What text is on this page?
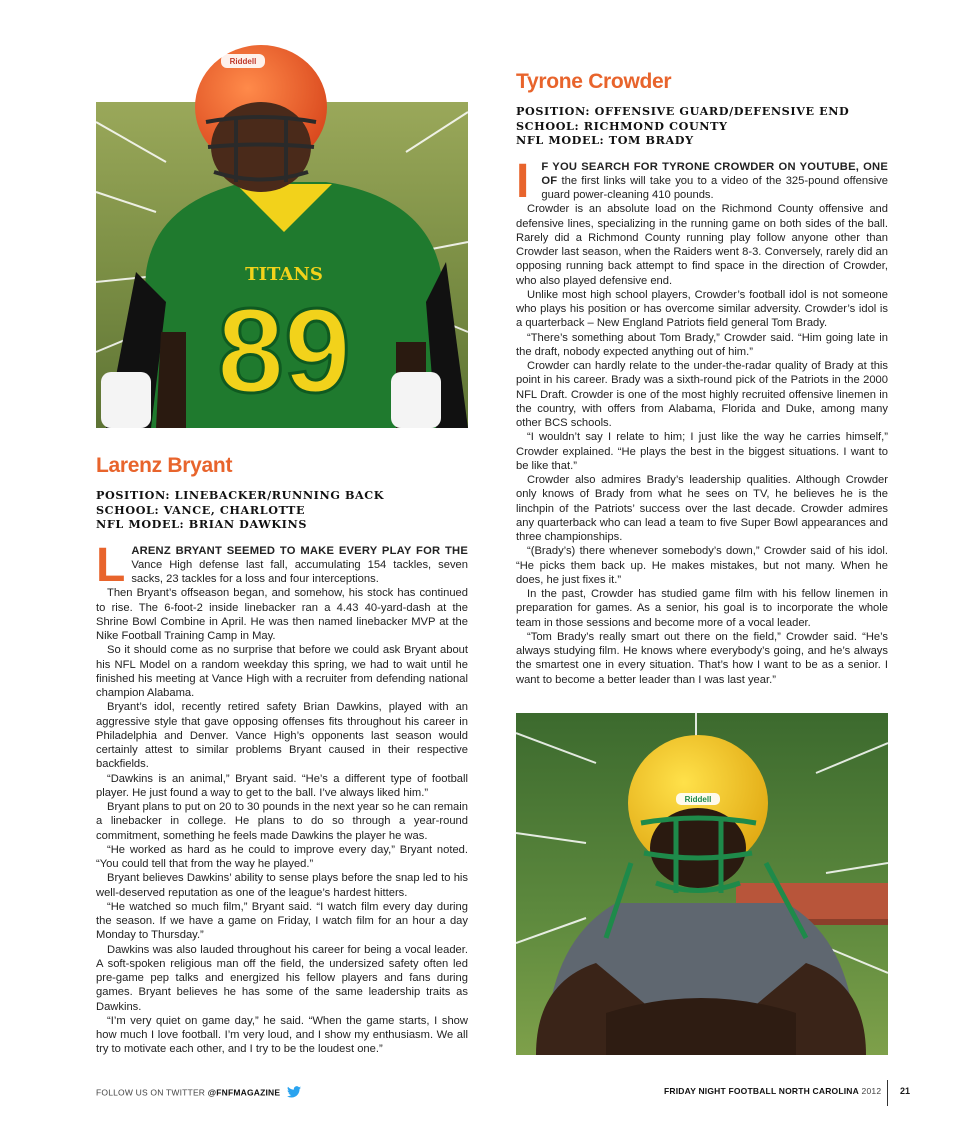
TITANS
89
Riddell
Larenz Bryant
POSITION: LINEBACKER/RUNNING BACK
SCHOOL: VANCE, CHARLOTTE
NFL MODEL: BRIAN DAWKINS

LARENZ BRYANT SEEMED TO MAKE EVERY PLAY FOR THE Vance High defense last fall, accumulating 154 tackles, seven sacks, 23 tackles for a loss and four interceptions.

Then Bryant’s offseason began, and somehow, his stock has continued to rise. The 6-foot-2 inside linebacker ran a 4.43 40-yard-dash at the Shrine Bowl Combine in April. He was then named linebacker MVP at the Nike Football Training Camp in May.

So it should come as no surprise that before we could ask Bryant about his NFL Model on a random weekday this spring, we had to wait until he finished his meeting at Vance High with a recruiter from defending national champion Alabama.

Bryant’s idol, recently retired safety Brian Dawkins, played with an aggressive style that gave opposing offenses fits throughout his career in Philadelphia and Denver. Vance High’s opponents last season would certainly attest to similar problems Bryant caused in their respective backfields.

“Dawkins is an animal,” Bryant said. “He’s a different type of football player. He just found a way to get to the ball. I’ve always liked him.”

Bryant plans to put on 20 to 30 pounds in the next year so he can remain a linebacker in college. He plans to do so through a year-round commitment, something he feels made Dawkins the player he was.

“He worked as hard as he could to improve every day,” Bryant noted. “You could tell that from the way he played.”

Bryant believes Dawkins’ ability to sense plays before the snap led to his well-deserved reputation as one of the league’s hardest hitters.

“He watched so much film,” Bryant said. “I watch film every day during the season. If we have a game on Friday, I watch film for an hour a day Monday to Thursday.”

Dawkins was also lauded throughout his career for being a vocal leader. A soft-spoken religious man off the field, the undersized safety often led pre-game pep talks and energized his fellow players and fans during games. Bryant believes he has some of the same leadership traits as Dawkins.

“I’m very quiet on game day,” he said. “When the game starts, I show how much I love football. I’m very loud, and I show my enthusiasm. We all try to motivate each other, and I try to be the loudest one.”

Tyrone Crowder
POSITION: OFFENSIVE GUARD/DEFENSIVE END
SCHOOL: RICHMOND COUNTY
NFL MODEL: TOM BRADY

I F YOU SEARCH FOR TYRONE CROWDER ON YOUTUBE, ONE OF the first links will take you to a video of the 325-pound offensive guard power-cleaning 410 pounds.

Crowder is an absolute load on the Richmond County offensive and defensive lines, specializing in the running game on both sides of the ball. Rarely did a Richmond County running play follow anyone other than Crowder last season, when the Raiders went 8-3. Conversely, rarely did an opposing running back attempt to find space in the direction of Crowder, who also played defensive end.

Unlike most high school players, Crowder’s football idol is not someone who plays his position or has overcome similar adversity. Crowder’s idol is a quarterback – New England Patriots field general Tom Brady.

“There’s something about Tom Brady,” Crowder said. “Him going late in the draft, nobody expected anything out of him.”

Crowder can hardly relate to the under-the-radar quality of Brady at this point in his career. Brady was a sixth-round pick of the Patriots in the 2000 NFL Draft. Crowder is one of the most highly recruited offensive linemen in the country, with offers from Alabama, Florida and Duke, among many other BCS schools.

“I wouldn’t say I relate to him; I just like the way he carries himself,” Crowder explained. “He plays the best in the biggest situations. I want to be like that.”

Crowder also admires Brady’s leadership qualities. Although Crowder only knows of Brady from what he sees on TV, he believes he is the linchpin of the Patriots’ success over the last decade. Crowder admires any quarterback who can lead a team to five Super Bowl appearances and three championships.

“(Brady’s) there whenever somebody’s down,” Crowder said of his idol. “He picks them back up. He makes mistakes, but not many. When he does, he just fixes it.”

In the past, Crowder has studied game film with his fellow linemen in preparation for games. As a senior, his goal is to incorporate the whole team in those sessions and become more of a vocal leader.

“Tom Brady’s really smart out there on the field,” Crowder said. “He’s always studying film. He knows where everybody’s going, and he’s always the smartest one in every situation. That’s how I want to be as a senior. I want to become a better leader than I was last year.”

Riddell
FOLLOW US ON TWITTER @FNFMAGAZINE	FRIDAY NIGHT FOOTBALL NORTH CAROLINA 2012 21
